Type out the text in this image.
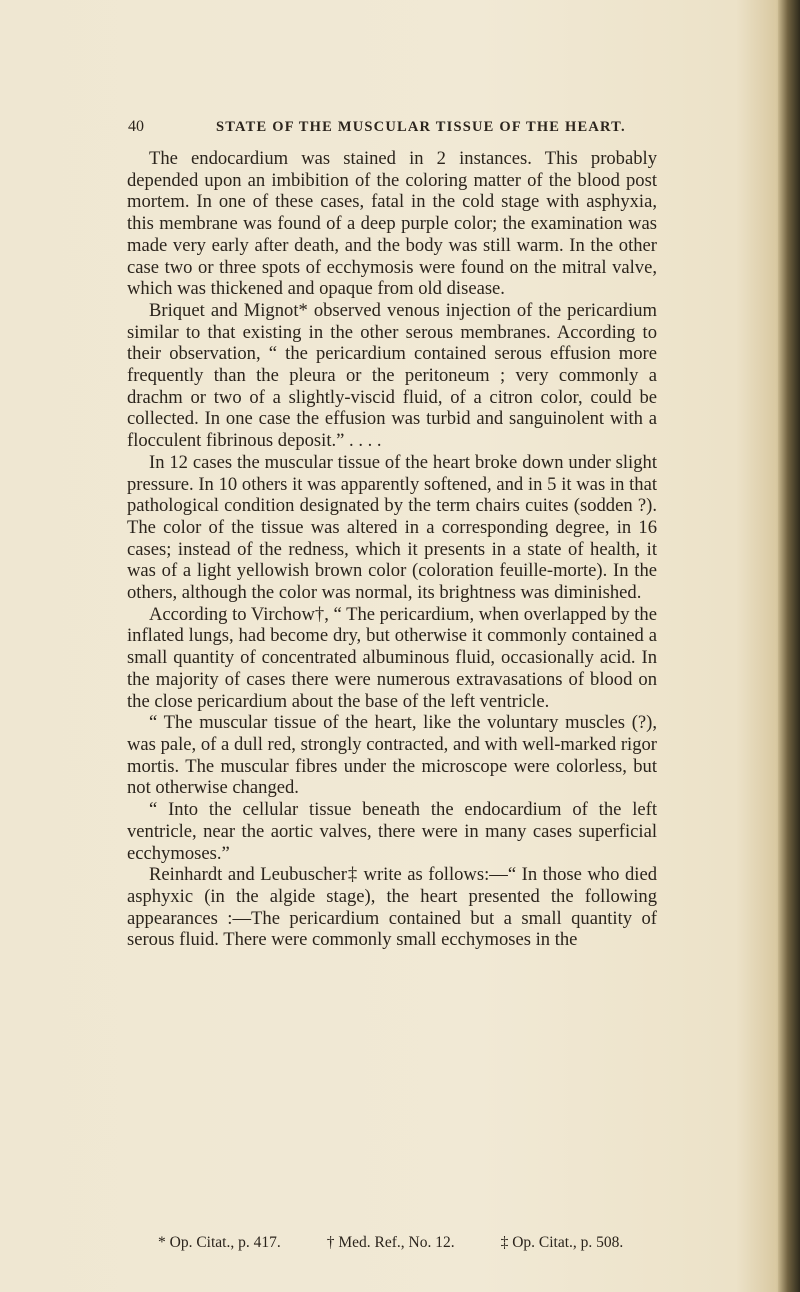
40	STATE OF THE MUSCULAR TISSUE OF THE HEART.

The endocardium was stained in 2 instances. This probably depended upon an imbibition of the coloring matter of the blood post mortem. In one of these cases, fatal in the cold stage with asphyxia, this membrane was found of a deep purple color; the examination was made very early after death, and the body was still warm. In the other case two or three spots of ecchymosis were found on the mitral valve, which was thickened and opaque from old disease.

Briquet and Mignot* observed venous injection of the pericardium similar to that existing in the other serous membranes. According to their observation, “ the pericardium contained serous effusion more frequently than the pleura or the peritoneum ; very commonly a drachm or two of a slightly-viscid fluid, of a citron color, could be collected. In one case the effusion was turbid and sanguinolent with a flocculent fibrinous deposit.” . . . .

In 12 cases the muscular tissue of the heart broke down under slight pressure. In 10 others it was apparently softened, and in 5 it was in that pathological condition designated by the term chairs cuites (sodden ?). The color of the tissue was altered in a corresponding degree, in 16 cases; instead of the redness, which it presents in a state of health, it was of a light yellowish brown color (coloration feuille-morte). In the others, although the color was normal, its brightness was diminished.

According to Virchow†, “ The pericardium, when overlapped by the inflated lungs, had become dry, but otherwise it commonly contained a small quantity of concentrated albuminous fluid, occasionally acid. In the majority of cases there were numerous extravasations of blood on the close pericardium about the base of the left ventricle.

“ The muscular tissue of the heart, like the voluntary muscles (?), was pale, of a dull red, strongly contracted, and with well-marked rigor mortis. The muscular fibres under the microscope were colorless, but not otherwise changed.

“ Into the cellular tissue beneath the endocardium of the left ventricle, near the aortic valves, there were in many cases superficial ecchymoses.”

Reinhardt and Leubuscher‡ write as follows:—“ In those who died asphyxic (in the algide stage), the heart presented the following appearances :—The pericardium contained but a small quantity of serous fluid. There were commonly small ecchymoses in the

* Op. Citat., p. 417.	† Med. Ref., No. 12.	‡ Op. Citat., p. 508.
